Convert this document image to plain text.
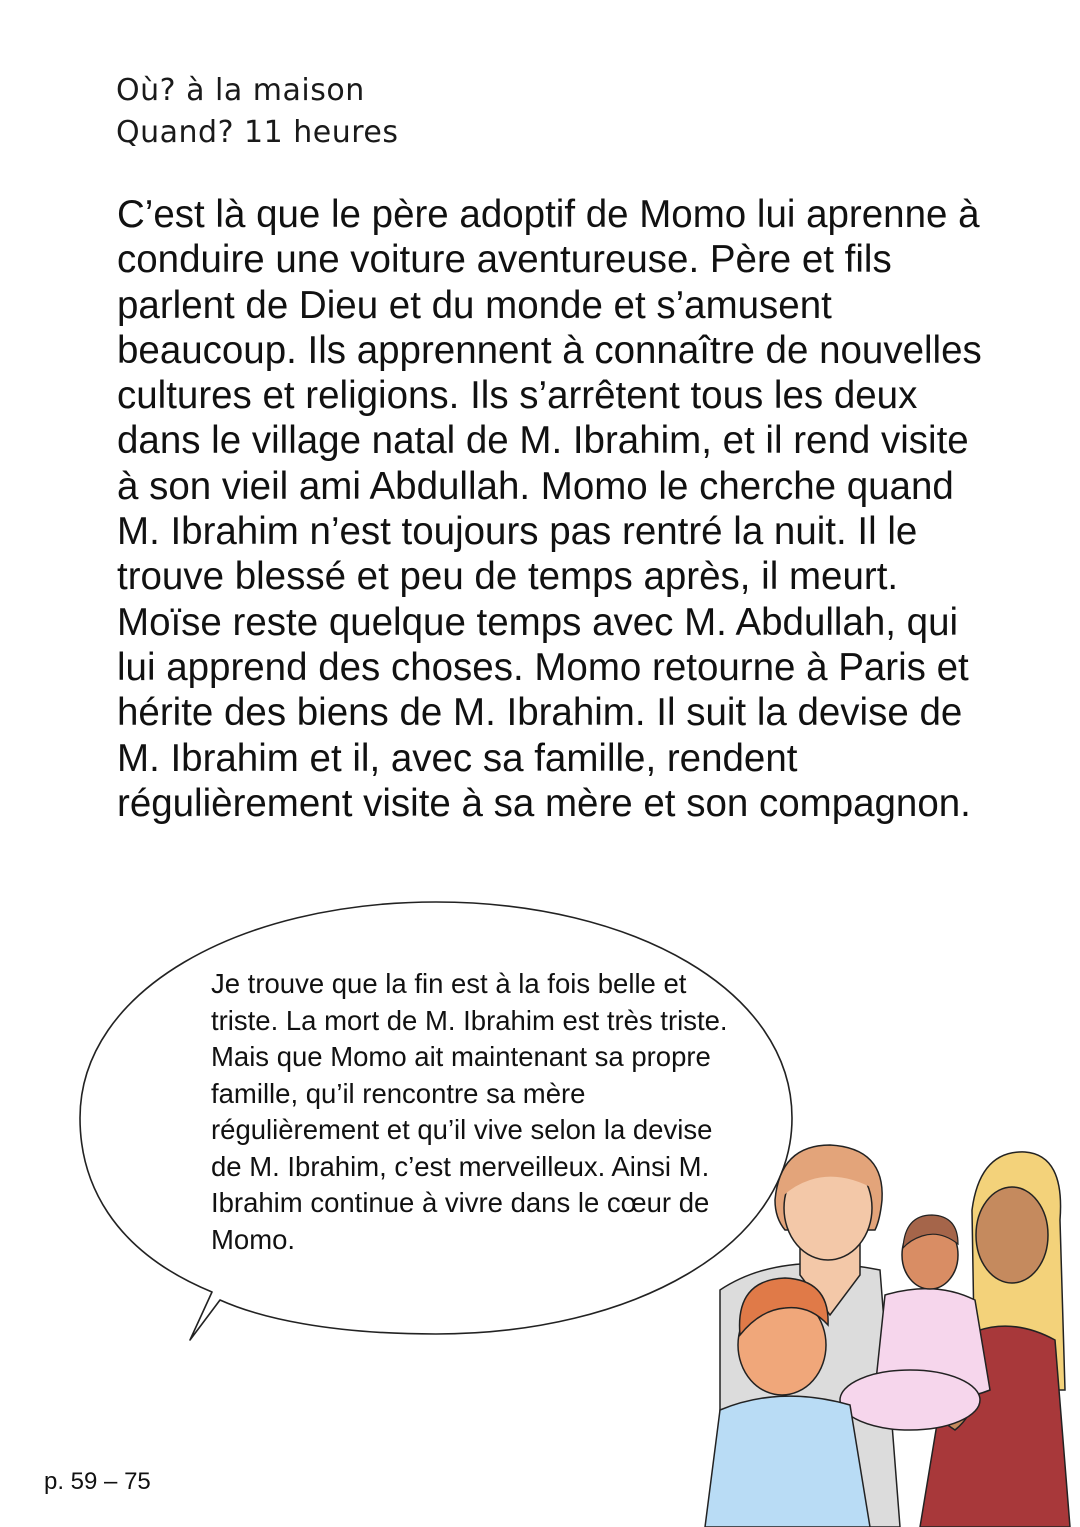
Où? à la maison
Quand? 11 heures

C’est là que le père adoptif de Momo lui aprenne à conduire une voiture aventureuse. Père et fils parlent de Dieu et du monde et s’amusent beaucoup. Ils apprennent à connaître de nouvelles cultures et religions. Ils s’arrêtent tous les deux dans le village natal de M. Ibrahim, et il rend visite à son vieil ami Abdullah. Momo le cherche quand M. Ibrahim n’est toujours pas rentré la nuit. Il le trouve blessé et peu de temps après, il meurt. Moïse reste quelque temps avec M. Abdullah, qui lui apprend des choses. Momo retourne à Paris et hérite des biens de M. Ibrahim. Il suit la devise de M. Ibrahim et il, avec sa famille, rendent régulièrement visite à sa mère et son compagnon.

Je trouve que la fin est à la fois belle et triste. La mort de M. Ibrahim est très triste. Mais que Momo ait maintenant sa propre famille, qu’il rencontre sa mère régulièrement et qu’il vive selon la devise de M. Ibrahim, c’est merveilleux. Ainsi M. Ibrahim continue à vivre dans le cœur de Momo.

p. 59 – 75
